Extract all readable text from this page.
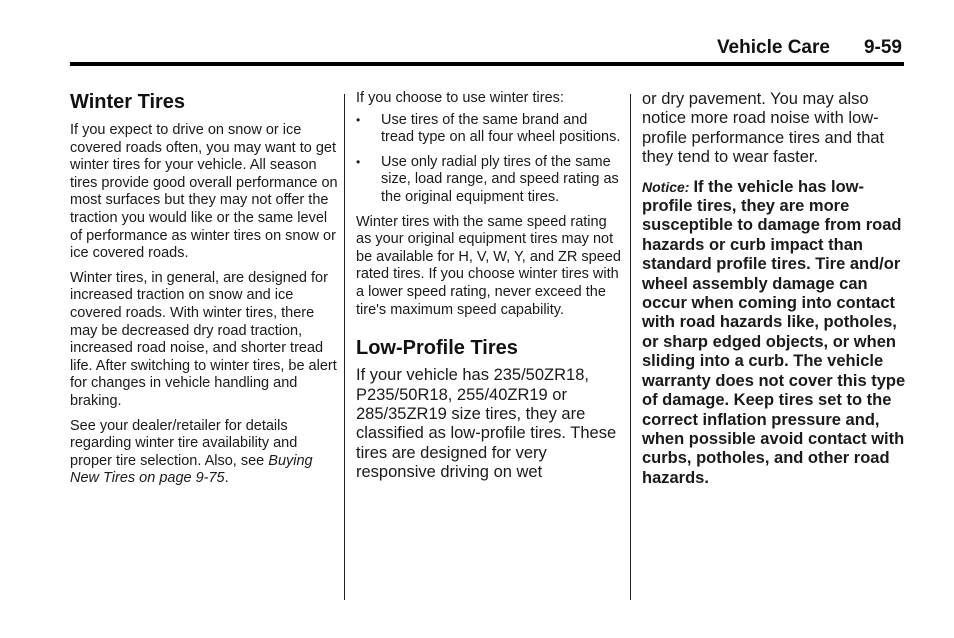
Vehicle Care 9-59
Winter Tires

If you expect to drive on snow or ice covered roads often, you may want to get winter tires for your vehicle. All season tires provide good overall performance on most surfaces but they may not offer the traction you would like or the same level of performance as winter tires on snow or ice covered roads.

Winter tires, in general, are designed for increased traction on snow and ice covered roads. With winter tires, there may be decreased dry road traction, increased road noise, and shorter tread life. After switching to winter tires, be alert for changes in vehicle handling and braking.

See your dealer/retailer for details regarding winter tire availability and proper tire selection. Also, see Buying New Tires on page 9-75.

If you choose to use winter tires:

• Use tires of the same brand and tread type on all four wheel positions.
• Use only radial ply tires of the same size, load range, and speed rating as the original equipment tires.

Winter tires with the same speed rating as your original equipment tires may not be available for H, V, W, Y, and ZR speed rated tires. If you choose winter tires with a lower speed rating, never exceed the tire's maximum speed capability.

Low-Profile Tires

If your vehicle has 235/50ZR18, P235/50R18, 255/40ZR19 or 285/35ZR19 size tires, they are classified as low-profile tires. These tires are designed for very responsive driving on wet

or dry pavement. You may also notice more road noise with low-profile performance tires and that they tend to wear faster.

Notice: If the vehicle has low-profile tires, they are more susceptible to damage from road hazards or curb impact than standard profile tires. Tire and/or wheel assembly damage can occur when coming into contact with road hazards like, potholes, or sharp edged objects, or when sliding into a curb. The vehicle warranty does not cover this type of damage. Keep tires set to the correct inflation pressure and, when possible avoid contact with curbs, potholes, and other road hazards.
